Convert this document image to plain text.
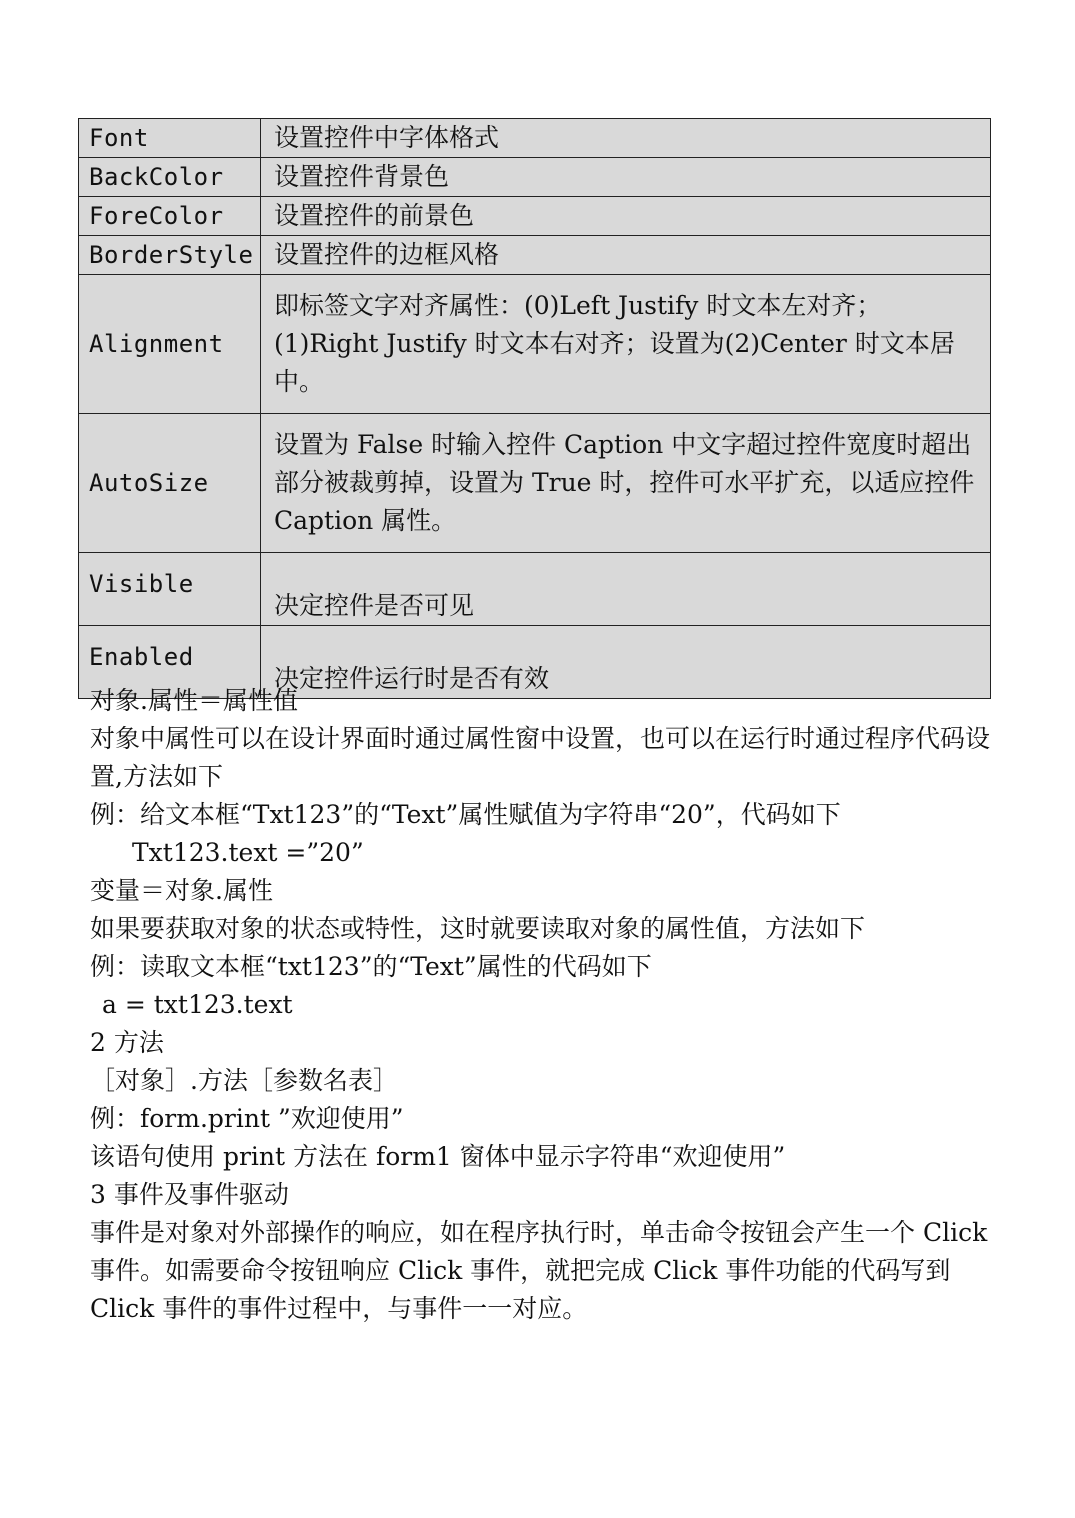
Font	设置控件中字体格式
BackColor	设置控件背景色
ForeColor	设置控件的前景色
BorderStyle	设置控件的边框风格
Alignment	即标签文字对齐属性：(0)Left Justify 时文本左对齐；(1)Right Justify 时文本右对齐；设置为(2)Center 时文本居中。
AutoSize	设置为 False 时输入控件 Caption 中文字超过控件宽度时超出部分被裁剪掉，设置为 True 时，控件可水平扩充，以适应控件 Caption 属性。
Visible	决定控件是否可见
Enabled	决定控件运行时是否有效

对象.属性＝属性值

对象中属性可以在设计界面时通过属性窗中设置，也可以在运行时通过程序代码设置,方法如下

例：给文本框“Txt123”的“Text”属性赋值为字符串“20”，代码如下

Txt123.text =”20”

变量＝对象.属性

如果要获取对象的状态或特性，这时就要读取对象的属性值，方法如下

例：读取文本框“txt123”的“Text”属性的代码如下

a = txt123.text

2 方法

［对象］.方法［参数名表］

例：form.print ”欢迎使用”

该语句使用 print 方法在 form1 窗体中显示字符串“欢迎使用”

3 事件及事件驱动

事件是对象对外部操作的响应，如在程序执行时，单击命令按钮会产生一个 Click 事件。如需要命令按钮响应 Click 事件，就把完成 Click 事件功能的代码写到 Click 事件的事件过程中，与事件一一对应。
